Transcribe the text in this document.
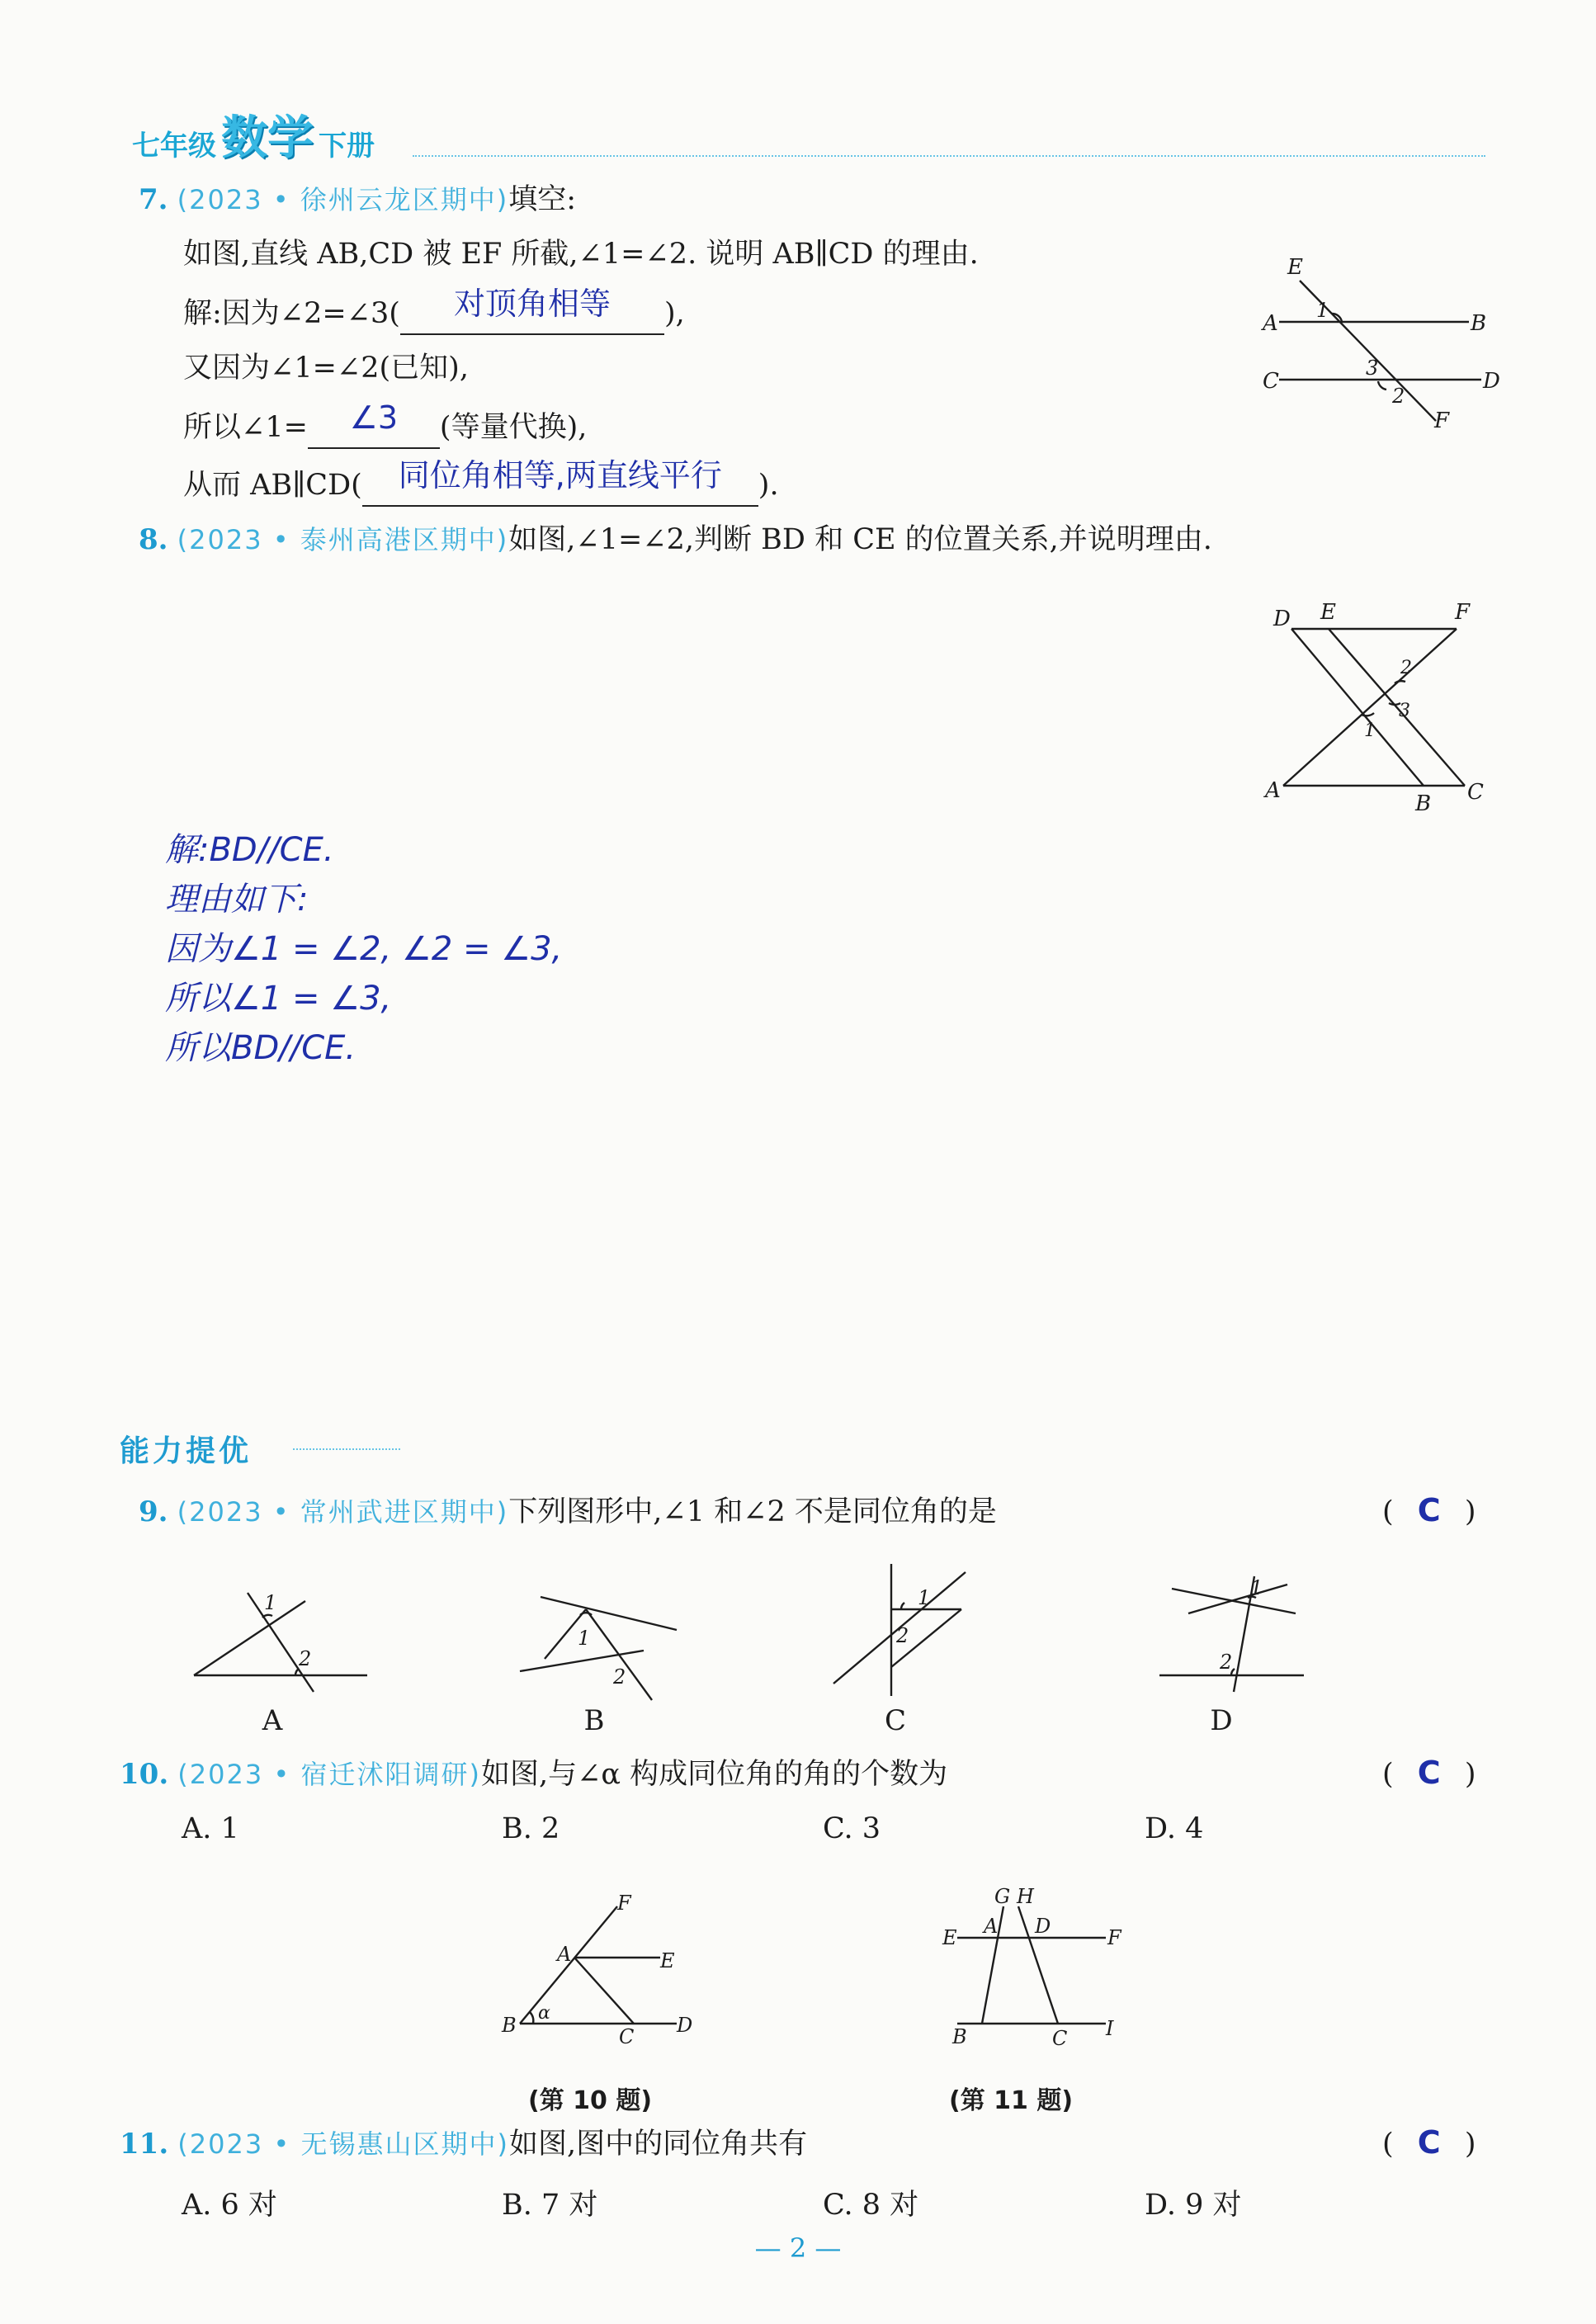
七年级 数学 下册
7. (2023 • 徐州云龙区期中)填空:
如图,直线 AB,CD 被 EF 所截,∠1=∠2. 说明 AB∥CD 的理由.
解:因为∠2=∠3( 对顶角相等 ),
又因为∠1=∠2(已知),
所以∠1= ∠3 (等量代换),
从而 AB∥CD( 同位角相等,两直线平行 ).
E
A
1
B
C
3
D
2
F
8. (2023 • 泰州高港区期中)如图,∠1=∠2,判断 BD 和 CE 的位置关系,并说明理由.
D E	F
2
3
1
A
B C
解:BD//CE.
理由如下:
因为∠1 = ∠2, ∠2 = ∠3,
所以∠1 = ∠3,
所以BD//CE.
能力提优
9. (2023 • 常州武进区期中)下列图形中,∠1 和∠2 不是同位角的是	( C )
1
2
A
1
2
B
1
2
C
1
2
D
10. (2023 • 宿迁沭阳调研)如图,与∠α 构成同位角的角的个数为	( C )
A. 1	B. 2	C. 3	D. 4
F
A	E
B
α
C D
(第 10 题)
G H
E A D	F
B	C I
(第 11 题)
11. (2023 • 无锡惠山区期中)如图,图中的同位角共有	( C )
A. 6 对	B. 7 对	C. 8 对	D. 9 对
— 2 —
